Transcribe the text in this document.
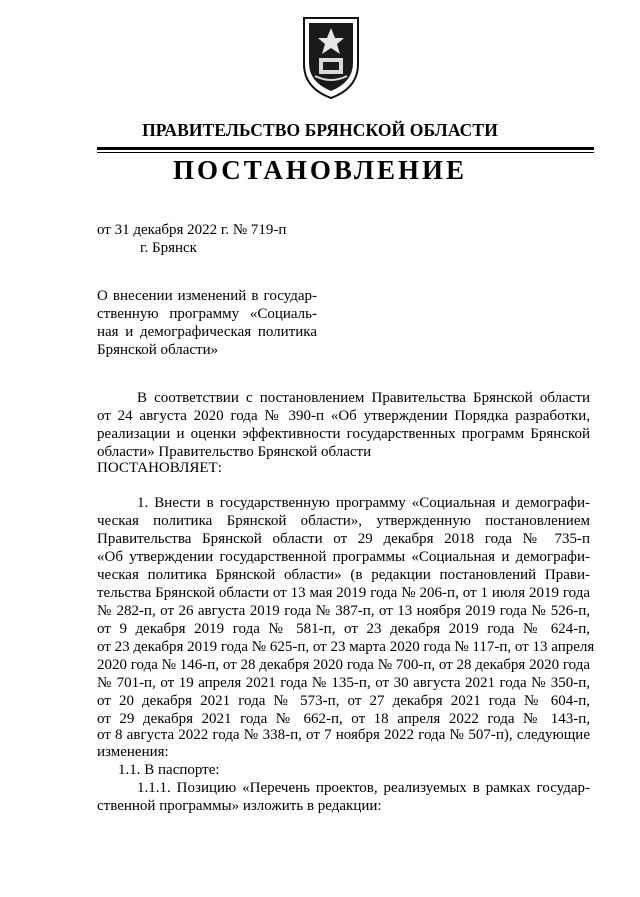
ПРАВИТЕЛЬСТВО БРЯНСКОЙ ОБЛАСТИ
ПОСТАНОВЛЕНИЕ
от 31 декабря 2022 г. № 719-п
г. Брянск
О внесении изменений в государ-
ственную программу «Социаль-
ная и демографическая политика
Брянской области»
В соответствии с постановлением Правительства Брянской области
от 24 августа 2020 года № 390-п «Об утверждении Порядка разработки,
реализации и оценки эффективности государственных программ Брянской
области» Правительство Брянской области
ПОСТАНОВЛЯЕТ:
1. Внести в государственную программу «Социальная и демографи-
ческая политика Брянской области», утвержденную постановлением
Правительства Брянской области от 29 декабря 2018 года № 735-п
«Об утверждении государственной программы «Социальная и демографи-
ческая политика Брянской области» (в редакции постановлений Прави-
тельства Брянской области от 13 мая 2019 года № 206-п, от 1 июля 2019 года
№ 282-п, от 26 августа 2019 года № 387-п, от 13 ноября 2019 года № 526-п,
от 9 декабря 2019 года № 581-п, от 23 декабря 2019 года № 624-п,
от 23 декабря 2019 года № 625-п, от 23 марта 2020 года № 117-п, от 13 апреля
2020 года № 146-п, от 28 декабря 2020 года № 700-п, от 28 декабря 2020 года
№ 701-п, от 19 апреля 2021 года № 135-п, от 30 августа 2021 года № 350-п,
от 20 декабря 2021 года № 573-п, от 27 декабря 2021 года № 604-п,
от 29 декабря 2021 года № 662-п, от 18 апреля 2022 года № 143-п,
от 8 августа 2022 года № 338-п, от 7 ноября 2022 года № 507-п), следующие
изменения:
1.1. В паспорте:
1.1.1. Позицию «Перечень проектов, реализуемых в рамках государ-
ственной программы» изложить в редакции:
